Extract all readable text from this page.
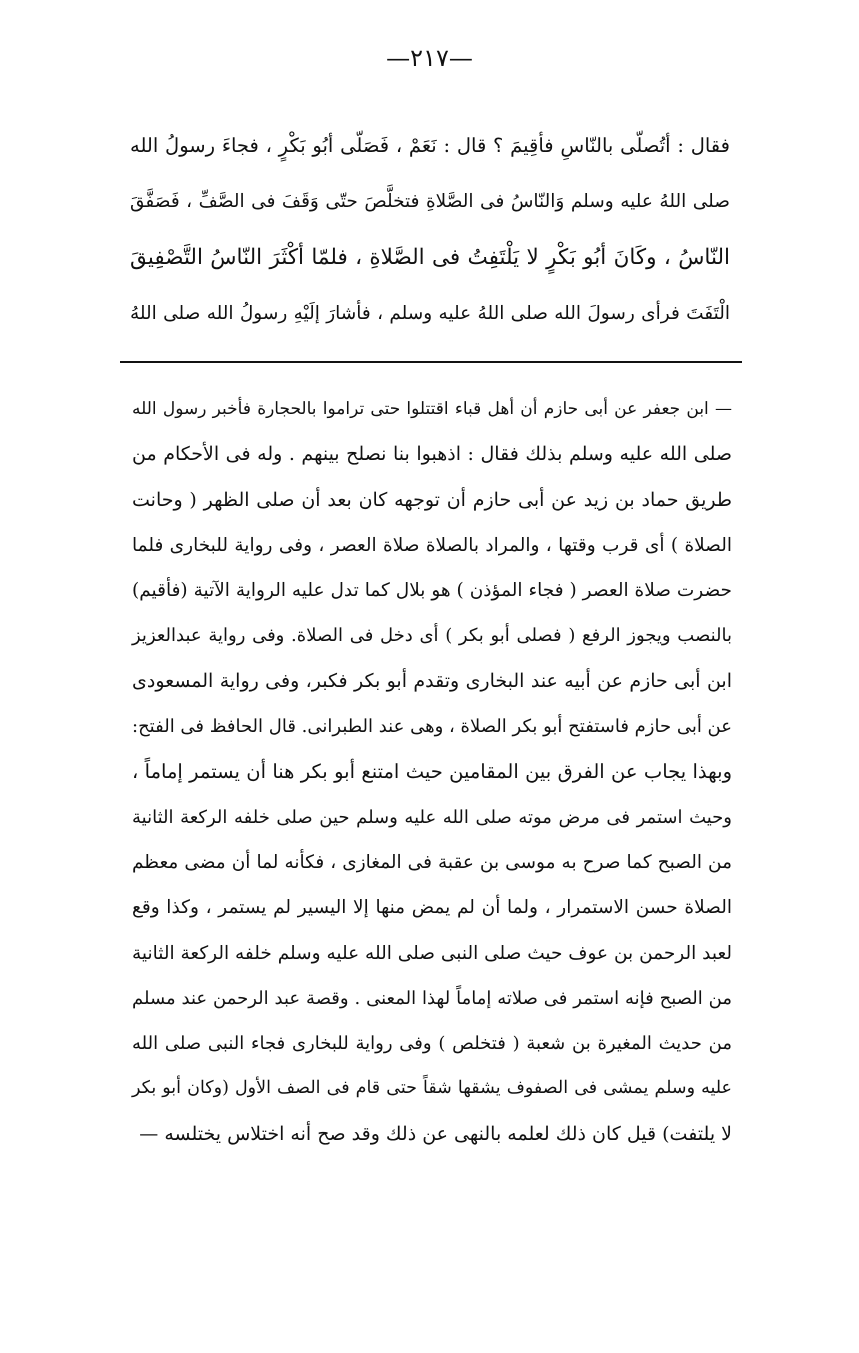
—٢١٧—
فقال : أتُصلّى بالنّاسِ فأقِيمَ ؟ قال : نَعَمْ ، فَصَلّى أبُو بَكْرٍ ، فجاءَ رسولُ الله
صلى اللهُ عليه وسلم وَالنّاسُ فى الصَّلاةِ فتخلَّصَ حتّى وَقَفَ فى الصَّفِّ ، فَصَفَّقَ
النّاسُ ، وكَانَ أبُو بَكْرٍ لا يَلْتَفِتُ فى الصَّلاةِ ، فلمّا أكْثَرَ النّاسُ التَّصْفِيقَ
الْتَفَتَ فرأى رسولَ الله صلى اللهُ عليه وسلم ، فأشارَ إلَيْهِ رسولُ الله صلى اللهُ
— ابن جعفر عن أبى حازم أن أهل قباء اقتتلوا حتى تراموا بالحجارة فأخبر رسول الله
صلى الله عليه وسلم بذلك فقال : اذهبوا بنا نصلح بينهم . وله فى الأحكام من
طريق حماد بن زيد عن أبى حازم أن توجهه كان بعد أن صلى الظهر ( وحانت
الصلاة ) أى قرب وقتها ، والمراد بالصلاة صلاة العصر ، وفى رواية للبخارى فلما
حضرت صلاة العصر ( فجاء المؤذن ) هو بلال كما تدل عليه الرواية الآتية (فأقيم)
بالنصب ويجوز الرفع ( فصلى أبو بكر ) أى دخل فى الصلاة. وفى رواية عبدالعزيز
ابن أبى حازم عن أبيه عند البخارى وتقدم أبو بكر فكبر، وفى رواية المسعودى
عن أبى حازم فاستفتح أبو بكر الصلاة ، وهى عند الطبرانى. قال الحافظ فى الفتح:
وبهذا يجاب عن الفرق بين المقامين حيث امتنع أبو بكر هنا أن يستمر إماماً ،
وحيث استمر فى مرض موته صلى الله عليه وسلم حين صلى خلفه الركعة الثانية
من الصبح كما صرح به موسى بن عقبة فى المغازى ، فكأنه لما أن مضى معظم
الصلاة حسن الاستمرار ، ولما أن لم يمض منها إلا اليسير لم يستمر ، وكذا وقع
لعبد الرحمن بن عوف حيث صلى النبى صلى الله عليه وسلم خلفه الركعة الثانية
من الصبح فإنه استمر فى صلاته إماماً لهذا المعنى . وقصة عبد الرحمن عند مسلم
من حديث المغيرة بن شعبة ( فتخلص ) وفى رواية للبخارى فجاء النبى صلى الله
عليه وسلم يمشى فى الصفوف يشقها شقاً حتى قام فى الصف الأول (وكان أبو بكر
لا يلتفت) قيل كان ذلك لعلمه بالنهى عن ذلك وقد صح أنه اختلاس يختلسه —
